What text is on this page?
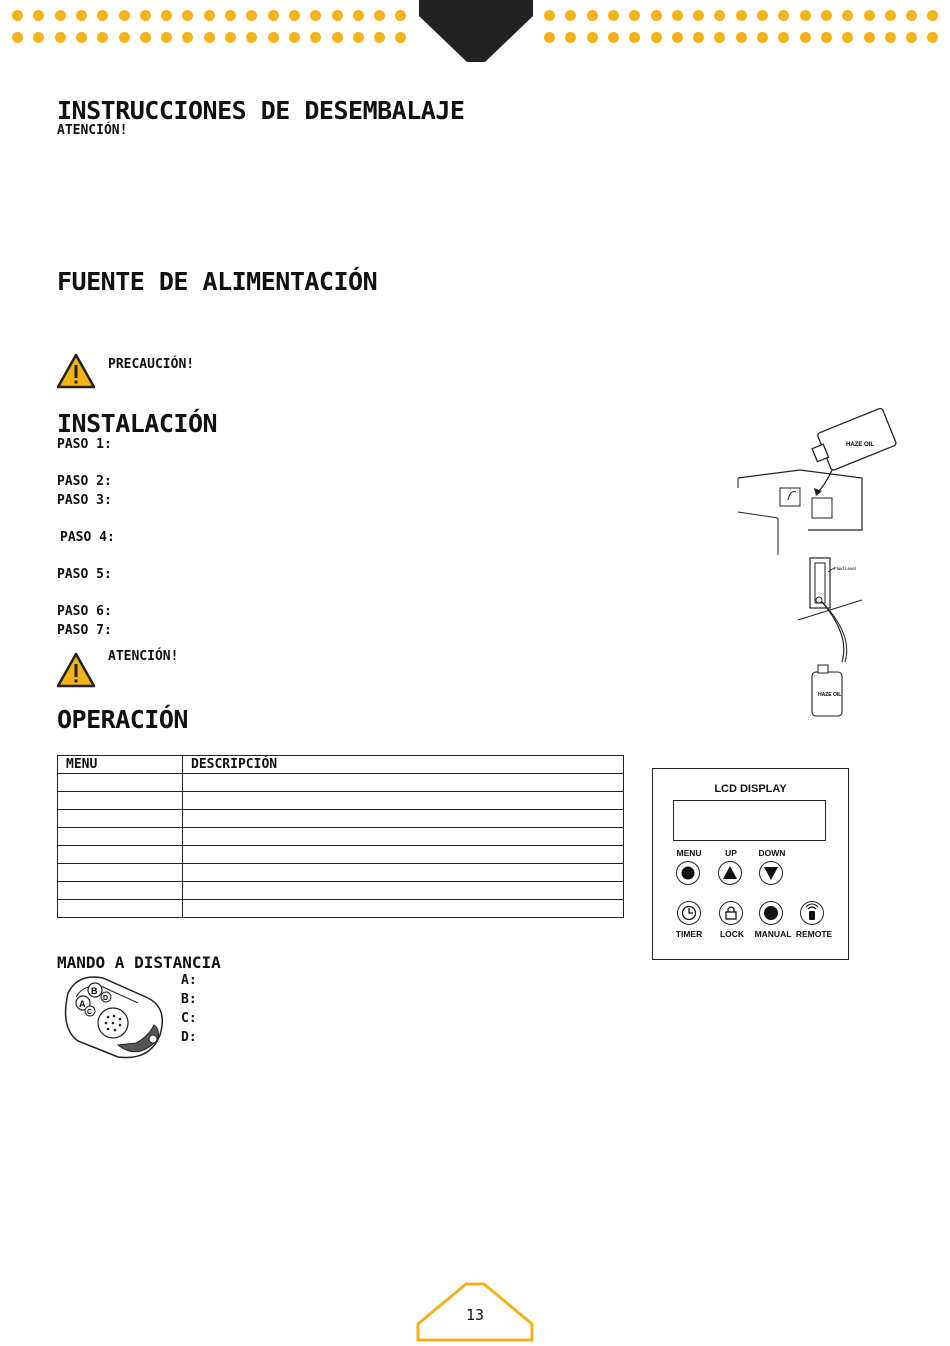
INSTRUCCIONES DE DESEMBALAJE
ATENCIÓN!
FUENTE DE ALIMENTACIÓN
PRECAUCIÓN!
INSTALACIÓN
PASO 1:
PASO 2:
PASO 3:
PASO 4:
PASO 5:
PASO 6:
PASO 7:
ATENCIÓN!
HAZE OIL
Fluid Level
HAZE OIL
OPERACIÓN
MENU	DESCRIPCIÓN

LCD DISPLAY
MENU	UP	DOWN
TIMER	LOCK	MANUAL REMOTE
MANDO A DISTANCIA
A
B
C
D
A:
B:
C:
D:
13
